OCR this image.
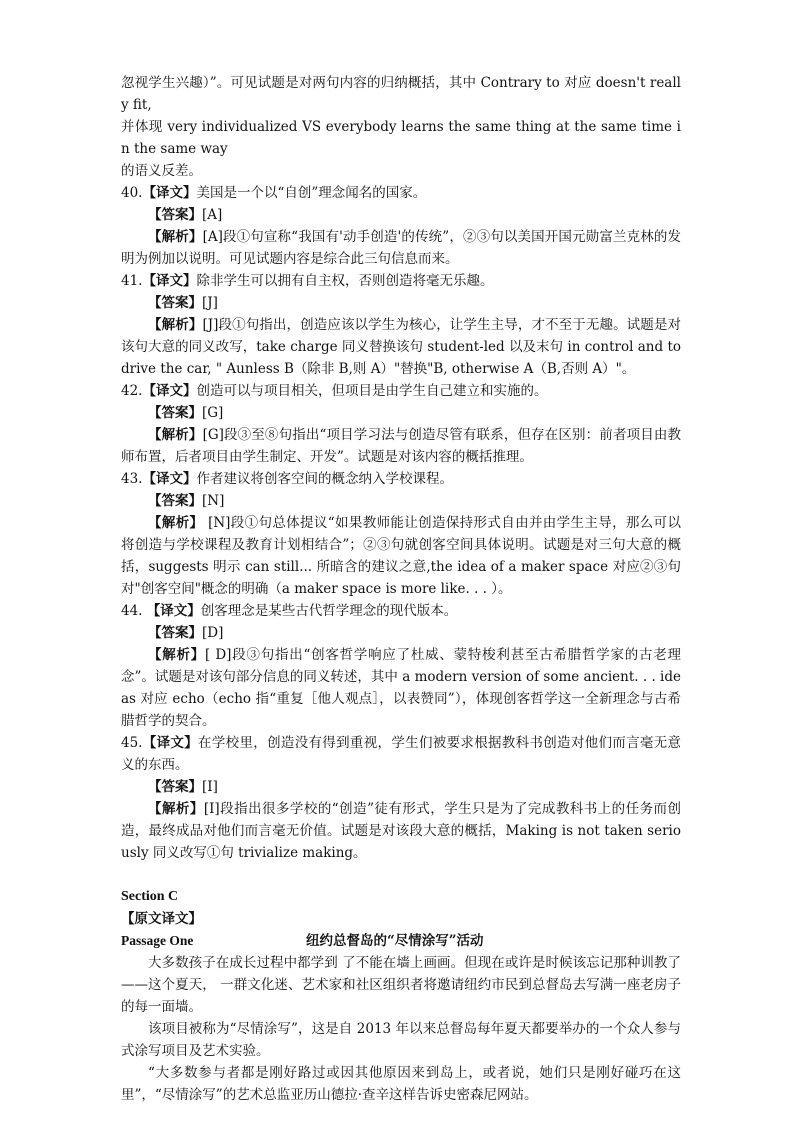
忽视学生兴趣）”。可见试题是对两句内容的归纳概括，其中 Contrary to 对应 doesn't really fit,

并体现 very individualized VS everybody learns the same thing at the same time in the same way

的语义反差。

40.【译文】美国是一个以“自创”理念闻名的国家。

【答案】[A]

【解析】[A]段①句宣称“我国有'动手创造'的传统”，②③句以美国开国元勋富兰克林的发明为例加以说明。可见试题内容是综合此三句信息而来。

41.【译文】除非学生可以拥有自主权，否则创造将毫无乐趣。

【答案】[J]

【解析】[J]段①句指出，创造应该以学生为核心，让学生主导，才不至于无趣。试题是对该句大意的同义改写，take charge 同义替换该句 student-led 以及末句 in control and to drive the car, " Aunless B（除非 B,则 A）"替换"B, otherwise A（B,否则 A）"。

42.【译文】创造可以与项目相关，但项目是由学生自己建立和实施的。

【答案】[G]

【解析】[G]段③至⑧句指出“项目学习法与创造尽管有联系，但存在区别：前者项目由教师布置，后者项目由学生制定、开发”。试题是对该内容的概括推理。

43.【译文】作者建议将创客空间的概念纳入学校课程。

【答案】[N]

【解析】 [N]段①句总体提议“如果教师能让创造保持形式自由并由学生主导，那么可以将创造与学校课程及教育计划相结合”；②③句就创客空间具体说明。试题是对三句大意的概括，suggests 明示 can still... 所暗含的建议之意,the idea of a maker space 对应②③句对"创客空间"概念的明确（a maker space is more like. . . ）。

44. 【译文】创客理念是某些古代哲学理念的现代版本。

【答案】[D]

【解析】[ D]段③句指出“创客哲学响应了杜威、蒙特梭利甚至古希腊哲学家的古老理念”。试题是对该句部分信息的同义转述，其中 a modern version of some ancient. . . ideas 对应 echo（echo 指“重复［他人观点］，以表赞同”），体现创客哲学这一全新理念与古希腊哲学的契合。

45.【译文】在学校里，创造没有得到重视，学生们被要求根据教科书创造对他们而言毫无意义的东西。

【答案】[I]

【解析】[I]段指出很多学校的“创造”徒有形式，学生只是为了完成教科书上的任务而创造，最终成品对他们而言毫无价值。试题是对该段大意的概括，Making is not taken seriously 同义改写①句 trivialize making。

Section C

【原文译文】

Passage One	纽约总督岛的“尽情涂写”活动

大多数孩子在成长过程中都学到 了不能在墙上画画。但现在或许是时候该忘记那种训教了——这个夏天， 一群文化迷、艺术家和社区组织者将邀请纽约市民到总督岛去写满一座老房子的每一面墙。

该项目被称为“尽情涂写”，这是自 2013 年以来总督岛每年夏天都要举办的一个众人参与式涂写项目及艺术实验。

“大多数参与者都是刚好路过或因其他原因来到岛上，或者说，她们只是刚好碰巧在这里”，“尽情涂写”的艺术总监亚历山德拉·查辛这样告诉史密森尼网站。
